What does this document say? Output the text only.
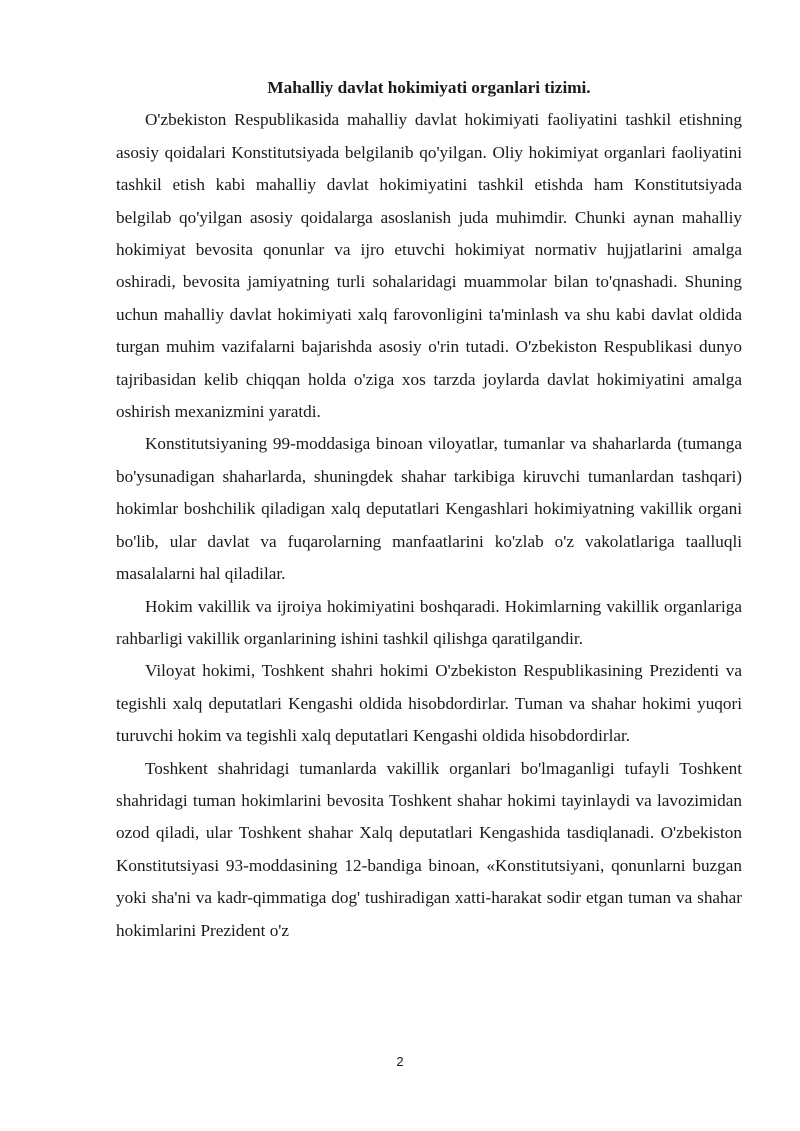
Mahalliy davlat hokimiyati organlari tizimi.

O'zbekiston Respublikasida mahalliy davlat hokimiyati faoliyatini tashkil etishning asosiy qoidalari Konstitutsiyada belgilanib qo'yilgan. Oliy hokimiyat organlari faoliyatini tashkil etish kabi mahalliy davlat hokimiyatini tashkil etishda ham Konstitutsiyada belgilab qo'yilgan asosiy qoidalarga asoslanish juda muhimdir. Chunki aynan mahalliy hokimiyat bevosita qonunlar va ijro etuvchi hokimiyat normativ hujjatlarini amalga oshiradi, bevosita jamiyatning turli sohalaridagi muammolar bilan to'qnashadi. Shuning uchun mahalliy davlat hokimiyati xalq farovonligini ta'minlash va shu kabi davlat oldida turgan muhim vazifalarni bajarishda asosiy o'rin tutadi. O'zbekiston Respublikasi dunyo tajribasidan kelib chiqqan holda o'ziga xos tarzda joylarda davlat hokimiyatini amalga oshirish mexanizmini yaratdi.

Konstitutsiyaning 99-moddasiga binoan viloyatlar, tumanlar va shaharlarda (tumanga bo'ysunadigan shaharlarda, shuningdek shahar tarkibiga kiruvchi tumanlardan tashqari) hokimlar boshchilik qiladigan xalq deputatlari Kengashlari hokimiyatning vakillik organi bo'lib, ular davlat va fuqarolarning manfaatlarini ko'zlab o'z vakolatlariga taalluqli masalalarni hal qiladilar.

Hokim vakillik va ijroiya hokimiyatini boshqaradi. Hokimlarning vakillik organlariga rahbarligi vakillik organlarining ishini tashkil qilishga qaratilgandir.

Viloyat hokimi, Toshkent shahri hokimi O'zbekiston Respublikasining Prezidenti va tegishli xalq deputatlari Kengashi oldida hisobdordirlar. Tuman va shahar hokimi yuqori turuvchi hokim va tegishli xalq deputatlari Kengashi oldida hisobdordirlar.

Toshkent shahridagi tumanlarda vakillik organlari bo'lmaganligi tufayli Toshkent shahridagi tuman hokimlarini bevosita Toshkent shahar hokimi tayinlaydi va lavozimidan ozod qiladi, ular Toshkent shahar Xalq deputatlari Kengashida tasdiqlanadi. O'zbekiston Konstitutsiyasi 93-moddasining 12-bandiga binoan, «Konstitutsiyani, qonunlarni buzgan yoki sha'ni va kadr-qimmatiga dog' tushiradigan xatti-harakat sodir etgan tuman va shahar hokimlarini Prezident o'z

2
